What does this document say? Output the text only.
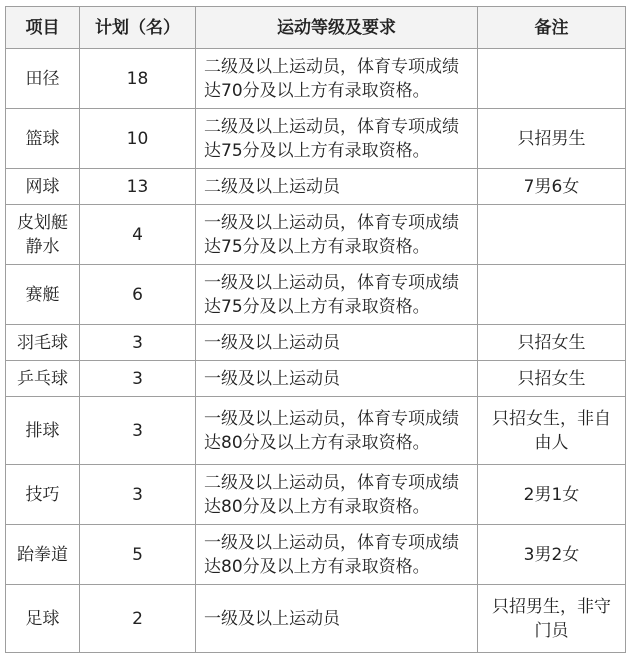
项目	计划（名）	运动等级及要求	备注
田径	18	二级及以上运动员，体育专项成绩达70分及以上方有录取资格。	
篮球	10	二级及以上运动员，体育专项成绩达75分及以上方有录取资格。	只招男生
网球	13	二级及以上运动员	7男6女
皮划艇静水	4	一级及以上运动员，体育专项成绩达75分及以上方有录取资格。	
赛艇	6	一级及以上运动员，体育专项成绩达75分及以上方有录取资格。	
羽毛球	3	一级及以上运动员	只招女生
乒乓球	3	一级及以上运动员	只招女生
排球	3	一级及以上运动员，体育专项成绩达80分及以上方有录取资格。	只招女生，非自由人
技巧	3	二级及以上运动员，体育专项成绩达80分及以上方有录取资格。	2男1女
跆拳道	5	一级及以上运动员，体育专项成绩达80分及以上方有录取资格。	3男2女
足球	2	一级及以上运动员	只招男生，非守门员
